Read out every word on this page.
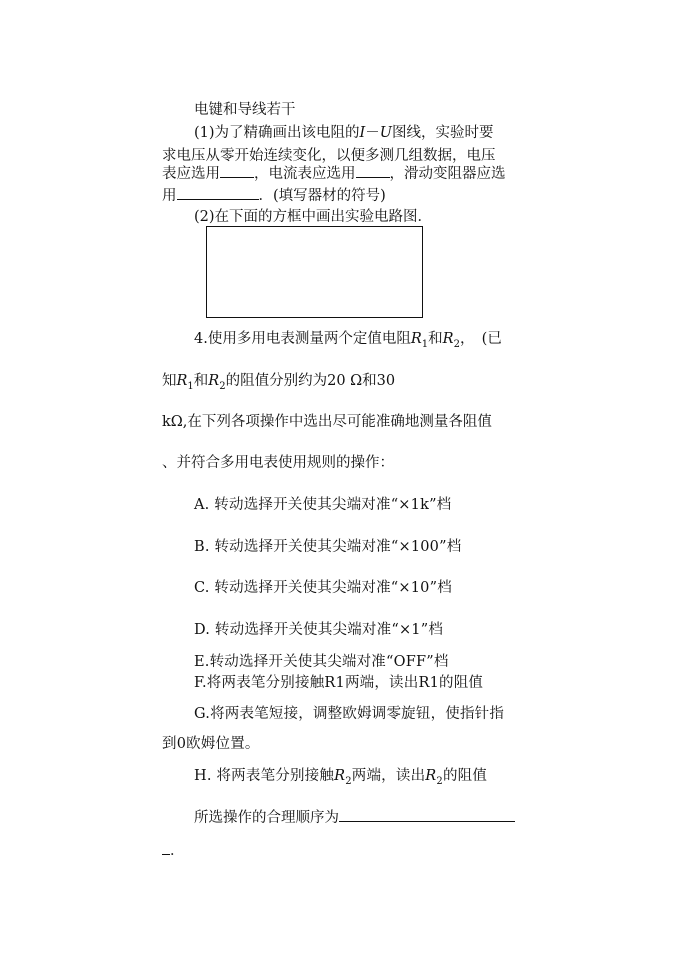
电键和导线若干
(1)为了精确画出该电阻的I－U图线，实验时要
求电压从零开始连续变化，以便多测几组数据，电压
表应选用 ，电流表应选用 ，滑动变阻器应选
用	．(填写器材的符号)
(2)在下面的方框中画出实验电路图．
4.使用多用电表测量两个定值电阻$R_1$和$R_2$，　(已
知$R_1$和$R_2$的阻值分别约为20 Ω和30
kΩ,在下列各项操作中选出尽可能准确地测量各阻值
、并符合多用电表使用规则的操作：
A. 转动选择开关使其尖端对准“×1k”档
B. 转动选择开关使其尖端对准“×100”档
C. 转动选择开关使其尖端对准“×10”档
D. 转动选择开关使其尖端对准“×1”档
E.转动选择开关使其尖端对准“OFF”档
F.将两表笔分别接触R1两端，读出R1的阻值
G.将两表笔短接，调整欧姆调零旋钮，使指针指
到0欧姆位置。
H. 将两表笔分别接触$R_2$两端，读出$R_2$的阻值
所选操作的合理顺序为
．
